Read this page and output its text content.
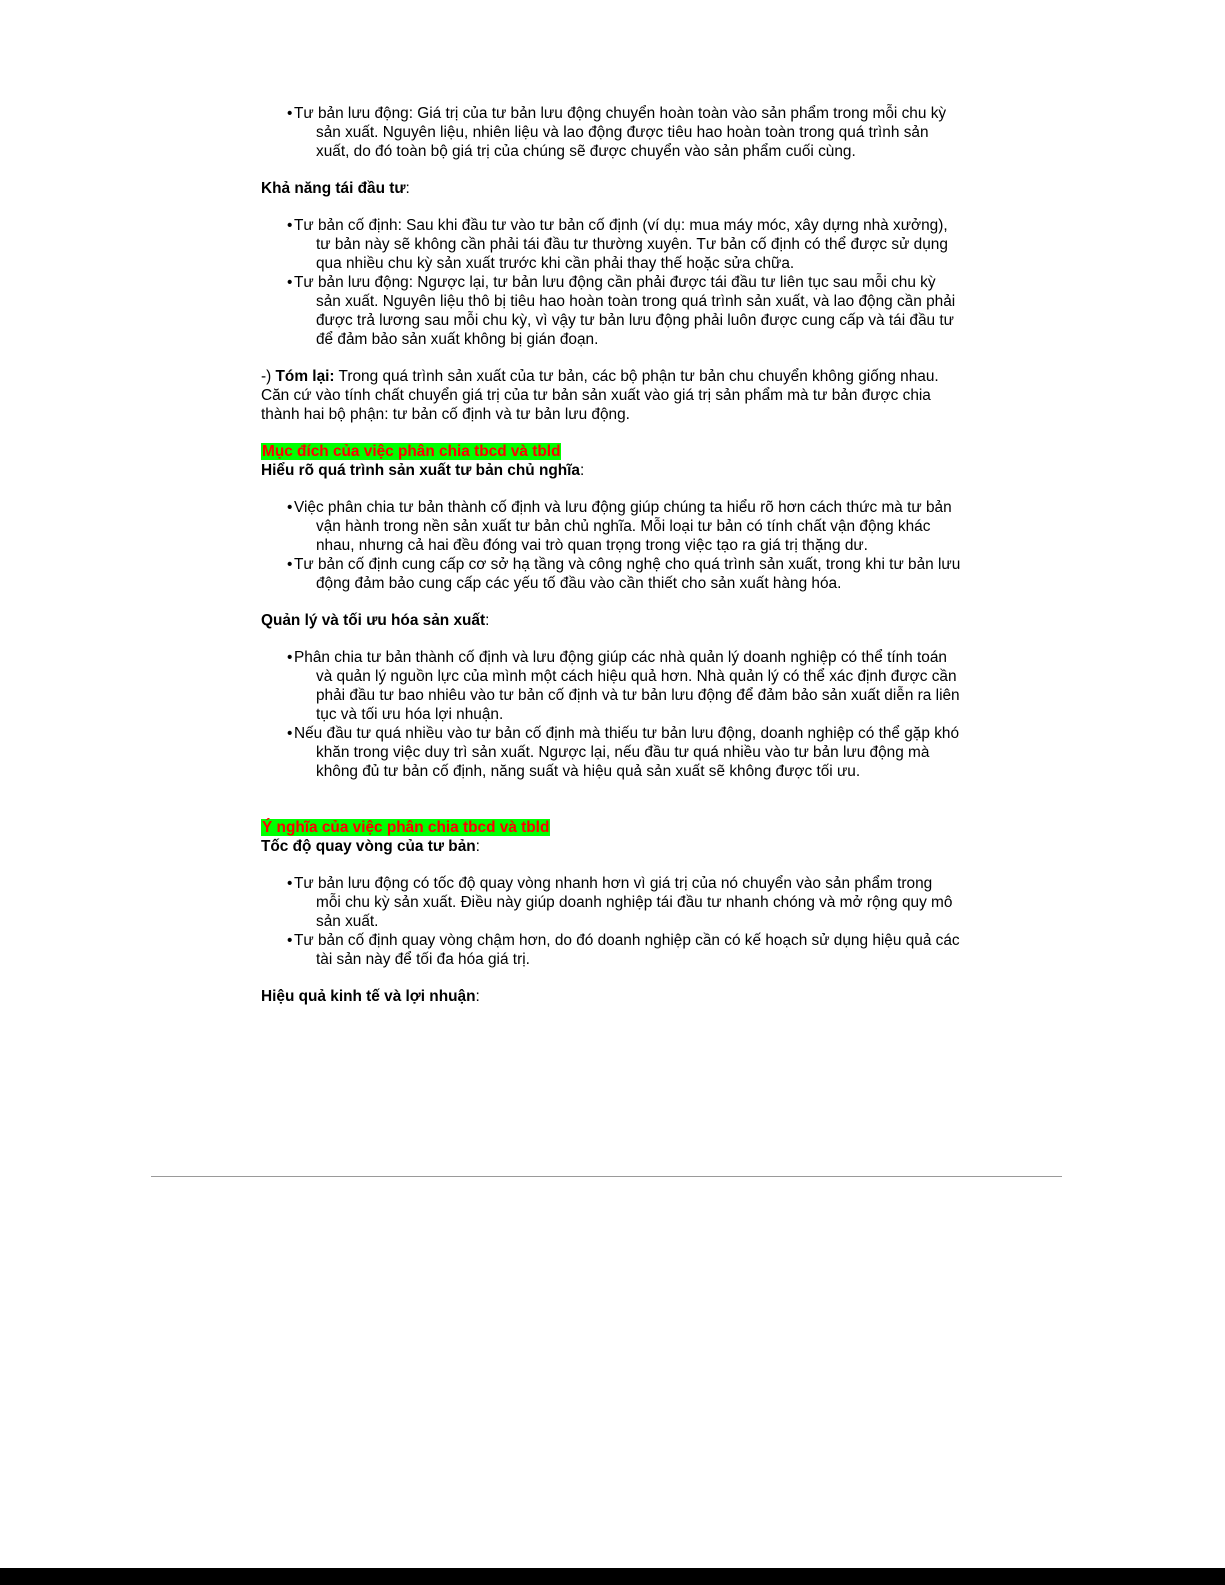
• Tư bản lưu động: Giá trị của tư bản lưu động chuyển hoàn toàn vào sản phẩm trong mỗi chu kỳ sản xuất. Nguyên liệu, nhiên liệu và lao động được tiêu hao hoàn toàn trong quá trình sản xuất, do đó toàn bộ giá trị của chúng sẽ được chuyển vào sản phẩm cuối cùng.

Khả năng tái đầu tư:

• Tư bản cố định: Sau khi đầu tư vào tư bản cố định (ví dụ: mua máy móc, xây dựng nhà xưởng), tư bản này sẽ không cần phải tái đầu tư thường xuyên. Tư bản cố định có thể được sử dụng qua nhiều chu kỳ sản xuất trước khi cần phải thay thế hoặc sửa chữa.
• Tư bản lưu động: Ngược lại, tư bản lưu động cần phải được tái đầu tư liên tục sau mỗi chu kỳ sản xuất. Nguyên liệu thô bị tiêu hao hoàn toàn trong quá trình sản xuất, và lao động cần phải được trả lương sau mỗi chu kỳ, vì vậy tư bản lưu động phải luôn được cung cấp và tái đầu tư để đảm bảo sản xuất không bị gián đoạn.

-) Tóm lại: Trong quá trình sản xuất của tư bản, các bộ phận tư bản chu chuyển không giống nhau. Căn cứ vào tính chất chuyển giá trị của tư bản sản xuất vào giá trị sản phẩm mà tư bản được chia thành hai bộ phận: tư bản cố định và tư bản lưu động.

Mục đích của việc phân chia tbcd và tbld

Hiểu rõ quá trình sản xuất tư bản chủ nghĩa:

• Việc phân chia tư bản thành cố định và lưu động giúp chúng ta hiểu rõ hơn cách thức mà tư bản vận hành trong nền sản xuất tư bản chủ nghĩa. Mỗi loại tư bản có tính chất vận động khác nhau, nhưng cả hai đều đóng vai trò quan trọng trong việc tạo ra giá trị thặng dư.
• Tư bản cố định cung cấp cơ sở hạ tầng và công nghệ cho quá trình sản xuất, trong khi tư bản lưu động đảm bảo cung cấp các yếu tố đầu vào cần thiết cho sản xuất hàng hóa.

Quản lý và tối ưu hóa sản xuất:

• Phân chia tư bản thành cố định và lưu động giúp các nhà quản lý doanh nghiệp có thể tính toán và quản lý nguồn lực của mình một cách hiệu quả hơn. Nhà quản lý có thể xác định được cần phải đầu tư bao nhiêu vào tư bản cố định và tư bản lưu động để đảm bảo sản xuất diễn ra liên tục và tối ưu hóa lợi nhuận.
• Nếu đầu tư quá nhiều vào tư bản cố định mà thiếu tư bản lưu động, doanh nghiệp có thể gặp khó khăn trong việc duy trì sản xuất. Ngược lại, nếu đầu tư quá nhiều vào tư bản lưu động mà không đủ tư bản cố định, năng suất và hiệu quả sản xuất sẽ không được tối ưu.

Ý nghĩa của việc phân chia tbcd và tbld

Tốc độ quay vòng của tư bản:

• Tư bản lưu động có tốc độ quay vòng nhanh hơn vì giá trị của nó chuyển vào sản phẩm trong mỗi chu kỳ sản xuất. Điều này giúp doanh nghiệp tái đầu tư nhanh chóng và mở rộng quy mô sản xuất.
• Tư bản cố định quay vòng chậm hơn, do đó doanh nghiệp cần có kế hoạch sử dụng hiệu quả các tài sản này để tối đa hóa giá trị.

Hiệu quả kinh tế và lợi nhuận:
